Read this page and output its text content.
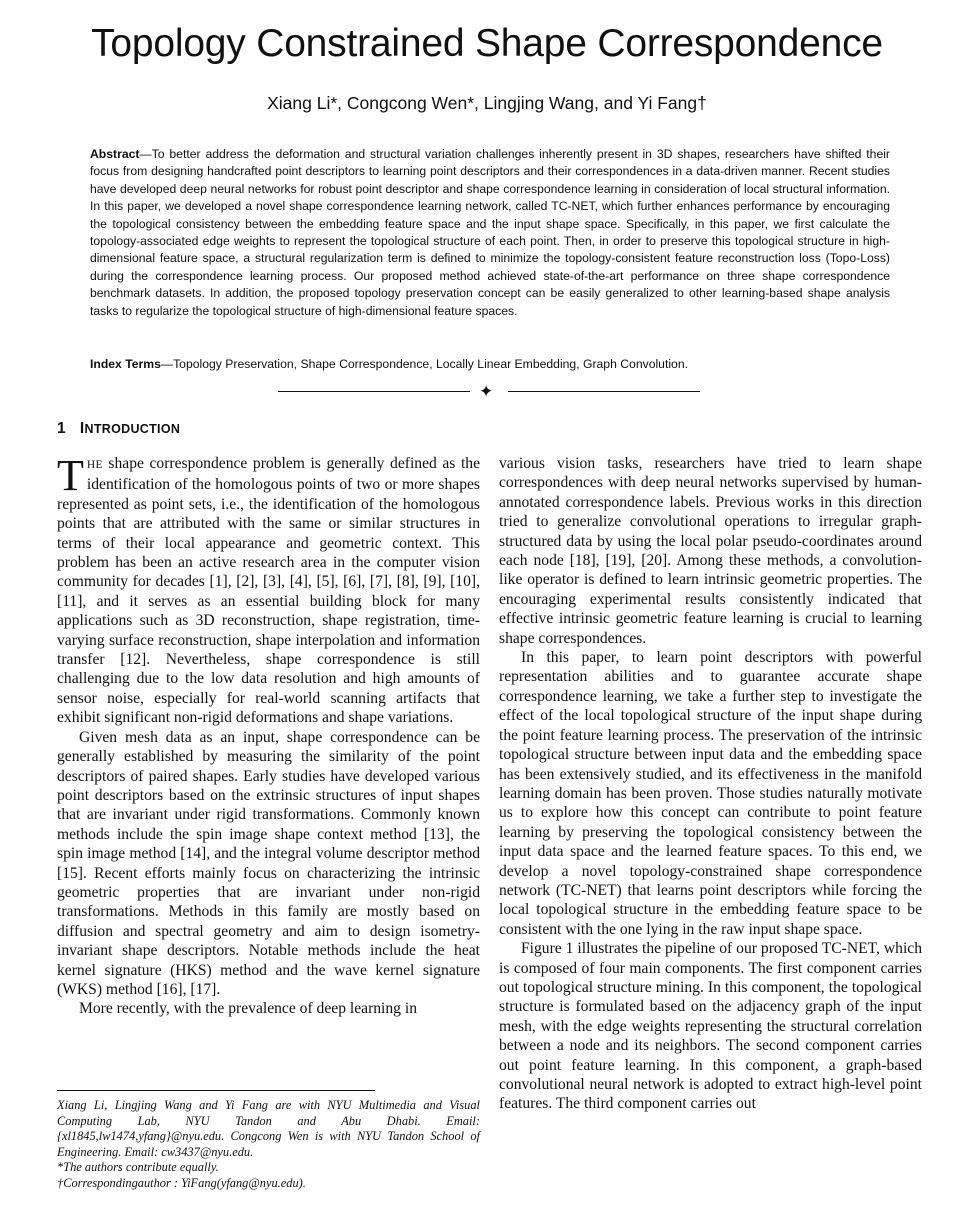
Topology Constrained Shape Correspondence

Xiang Li*, Congcong Wen*, Lingjing Wang, and Yi Fang†

Abstract—To better address the deformation and structural variation challenges inherently present in 3D shapes, researchers have shifted their focus from designing handcrafted point descriptors to learning point descriptors and their correspondences in a data-driven manner. Recent studies have developed deep neural networks for robust point descriptor and shape correspondence learning in consideration of local structural information. In this paper, we developed a novel shape correspondence learning network, called TC-NET, which further enhances performance by encouraging the topological consistency between the embedding feature space and the input shape space. Specifically, in this paper, we first calculate the topology-associated edge weights to represent the topological structure of each point. Then, in order to preserve this topological structure in high-dimensional feature space, a structural regularization term is defined to minimize the topology-consistent feature reconstruction loss (Topo-Loss) during the correspondence learning process. Our proposed method achieved state-of-the-art performance on three shape correspondence benchmark datasets. In addition, the proposed topology preservation concept can be easily generalized to other learning-based shape analysis tasks to regularize the topological structure of high-dimensional feature spaces.

Index Terms—Topology Preservation, Shape Correspondence, Locally Linear Embedding, Graph Convolution.

✦
1 INTRODUCTION

THE shape correspondence problem is generally defined as the identification of the homologous points of two or more shapes represented as point sets, i.e., the identification of the homologous points that are attributed with the same or similar structures in terms of their local appearance and geometric context. This problem has been an active research area in the computer vision community for decades [1], [2], [3], [4], [5], [6], [7], [8], [9], [10], [11], and it serves as an essential building block for many applications such as 3D reconstruction, shape registration, time-varying surface reconstruction, shape interpolation and information transfer [12]. Nevertheless, shape correspondence is still challenging due to the low data resolution and high amounts of sensor noise, especially for real-world scanning artifacts that exhibit significant non-rigid deformations and shape variations.

Given mesh data as an input, shape correspondence can be generally established by measuring the similarity of the point descriptors of paired shapes. Early studies have developed various point descriptors based on the extrinsic structures of input shapes that are invariant under rigid transformations. Commonly known methods include the spin image shape context method [13], the spin image method [14], and the integral volume descriptor method [15]. Recent efforts mainly focus on characterizing the intrinsic geometric properties that are invariant under non-rigid transformations. Methods in this family are mostly based on diffusion and spectral geometry and aim to design isometry-invariant shape descriptors. Notable methods include the heat kernel signature (HKS) method and the wave kernel signature (WKS) method [16], [17].

More recently, with the prevalence of deep learning in

various vision tasks, researchers have tried to learn shape correspondences with deep neural networks supervised by human-annotated correspondence labels. Previous works in this direction tried to generalize convolutional operations to irregular graph-structured data by using the local polar pseudo-coordinates around each node [18], [19], [20]. Among these methods, a convolution-like operator is defined to learn intrinsic geometric properties. The encouraging experimental results consistently indicated that effective intrinsic geometric feature learning is crucial to learning shape correspondences.

In this paper, to learn point descriptors with powerful representation abilities and to guarantee accurate shape correspondence learning, we take a further step to investigate the effect of the local topological structure of the input shape during the point feature learning process. The preservation of the intrinsic topological structure between input data and the embedding space has been extensively studied, and its effectiveness in the manifold learning domain has been proven. Those studies naturally motivate us to explore how this concept can contribute to point feature learning by preserving the topological consistency between the input data space and the learned feature spaces. To this end, we develop a novel topology-constrained shape correspondence network (TC-NET) that learns point descriptors while forcing the local topological structure in the embedding feature space to be consistent with the one lying in the raw input shape space.

Figure 1 illustrates the pipeline of our proposed TC-NET, which is composed of four main components. The first component carries out topological structure mining. In this component, the topological structure is formulated based on the adjacency graph of the input mesh, with the edge weights representing the structural correlation between a node and its neighbors. The second component carries out point feature learning. In this component, a graph-based convolutional neural network is adopted to extract high-level point features. The third component carries out

Xiang Li, Lingjing Wang and Yi Fang are with NYU Multimedia and Visual Computing Lab, NYU Tandon and Abu Dhabi. Email:{xl1845,lw1474,yfang}@nyu.edu. Congcong Wen is with NYU Tandon School of Engineering. Email: cw3437@nyu.edu.

*The authors contribute equally.

†Correspondingauthor : YiFang(yfang@nyu.edu).
